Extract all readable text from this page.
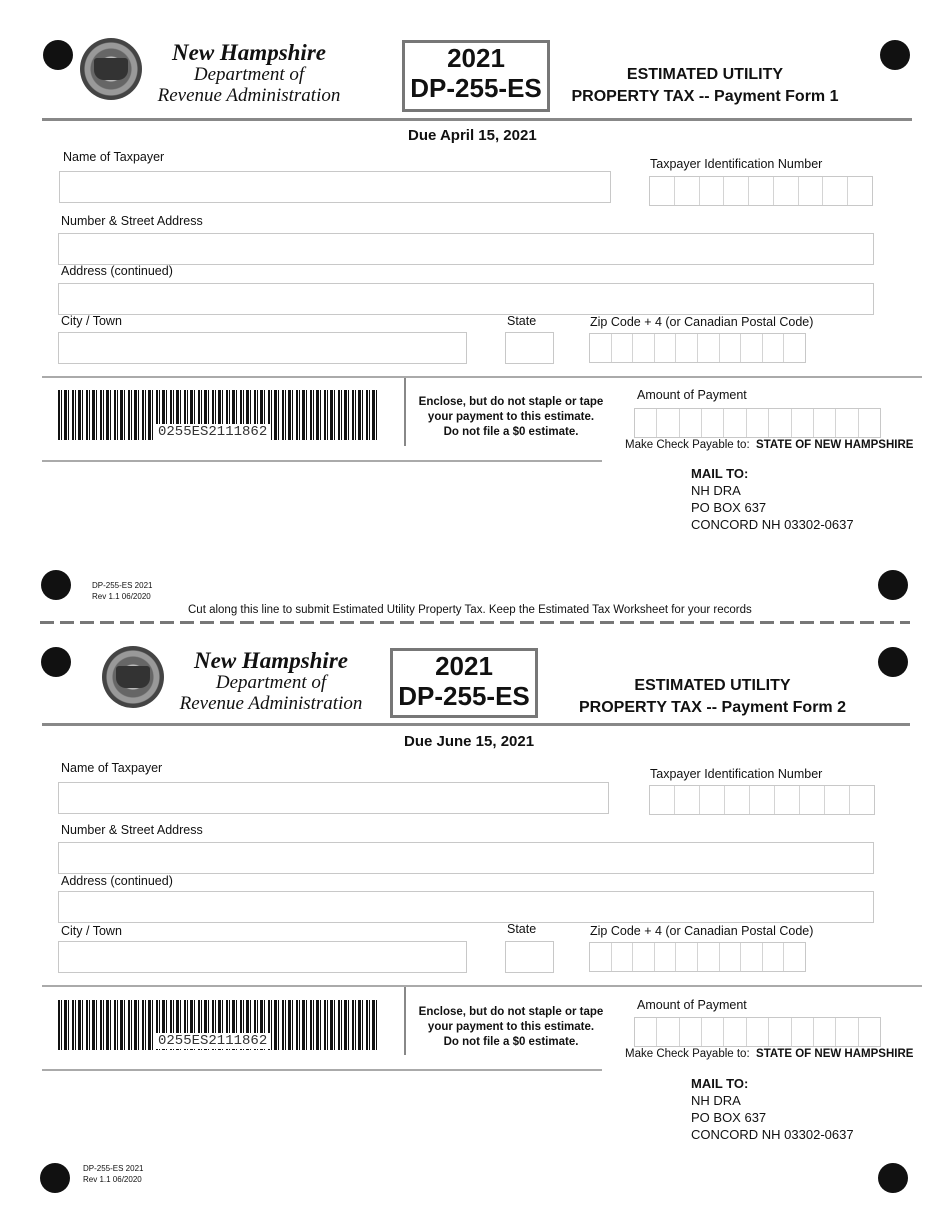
New Hampshire
Department of
Revenue Administration
2021
DP-255-ES	ESTIMATED UTILITY
PROPERTY TAX -- Payment Form 1
Due April 15, 2021
Name of Taxpayer	Taxpayer Identification Number
Number & Street Address
Address (continued)
City / Town	State	Zip Code + 4 (or Canadian Postal Code)
0255ES2111862
Enclose, but do not staple or tape
your payment to this estimate.
Do not file a $0 estimate.
Amount of Payment
Make Check Payable to: STATE OF NEW HAMPSHIRE
MAIL TO:
NH DRA
PO BOX 637
CONCORD NH 03302-0637
DP-255-ES 2021
Rev 1.1 06/2020
Cut along this line to submit Estimated Utility Property Tax. Keep the Estimated Tax Worksheet for your records
New Hampshire
Department of
Revenue Administration
2021
DP-255-ES	ESTIMATED UTILITY
PROPERTY TAX -- Payment Form 2
Due June 15, 2021
Name of Taxpayer	Taxpayer Identification Number
Number & Street Address
Address (continued)
City / Town	State	Zip Code + 4 (or Canadian Postal Code)
0255ES2111862
Enclose, but do not staple or tape
your payment to this estimate.
Do not file a $0 estimate.
Amount of Payment
Make Check Payable to: STATE OF NEW HAMPSHIRE
MAIL TO:
NH DRA
PO BOX 637
CONCORD NH 03302-0637
DP-255-ES 2021
Rev 1.1 06/2020
